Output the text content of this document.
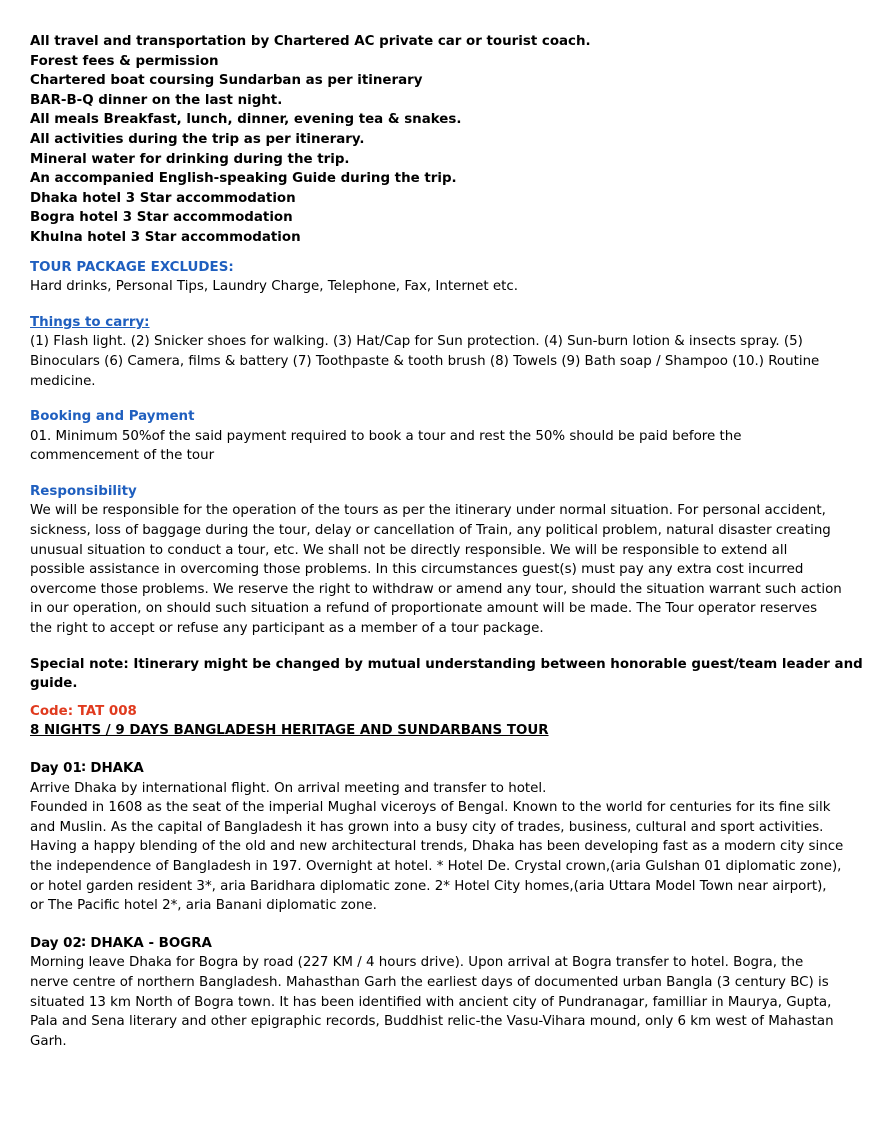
All travel and transportation by Chartered AC private car or tourist coach.
Forest fees & permission
Chartered boat coursing Sundarban as per itinerary
BAR-B-Q dinner on the last night.
All meals Breakfast, lunch, dinner, evening tea & snakes.
All activities during the trip as per itinerary.
Mineral water for drinking during the trip.
An accompanied English-speaking Guide during the trip.
Dhaka hotel 3 Star accommodation
Bogra hotel 3 Star accommodation
Khulna hotel 3 Star accommodation
TOUR PACKAGE EXCLUDES:
Hard drinks, Personal Tips, Laundry Charge, Telephone, Fax, Internet etc.
Things to carry:
(1) Flash light. (2) Snicker shoes for walking. (3) Hat/Cap for Sun protection. (4) Sun-burn lotion & insects spray. (5)
Binoculars (6) Camera, films & battery (7) Toothpaste & tooth brush (8) Towels (9) Bath soap / Shampoo (10.) Routine
medicine.
Booking and Payment
01. Minimum 50%of the said payment required to book a tour and rest the 50% should be paid before the
commencement of the tour
Responsibility
We will be responsible for the operation of the tours as per the itinerary under normal situation. For personal accident,
sickness, loss of baggage during the tour, delay or cancellation of Train, any political problem, natural disaster creating
unusual situation to conduct a tour, etc. We shall not be directly responsible. We will be responsible to extend all
possible assistance in overcoming those problems. In this circumstances guest(s) must pay any extra cost incurred
overcome those problems. We reserve the right to withdraw or amend any tour, should the situation warrant such action
in our operation, on should such situation a refund of proportionate amount will be made. The Tour operator reserves
the right to accept or refuse any participant as a member of a tour package.
Special note: Itinerary might be changed by mutual understanding between honorable guest/team leader and
guide.
Code: TAT 008
8 NIGHTS / 9 DAYS BANGLADESH HERITAGE AND SUNDARBANS TOUR
Day 01∶ DHAKA
Arrive Dhaka by international flight. On arrival meeting and transfer to hotel.
Founded in 1608 as the seat of the imperial Mughal viceroys of Bengal. Known to the world for centuries for its fine silk
and Muslin. As the capital of Bangladesh it has grown into a busy city of trades, business, cultural and sport activities.
Having a happy blending of the old and new architectural trends, Dhaka has been developing fast as a modern city since
the independence of Bangladesh in 197. Overnight at hotel. * Hotel De. Crystal crown,(aria Gulshan 01 diplomatic zone),
or hotel garden resident 3*, aria Baridhara diplomatic zone. 2* Hotel City homes,(aria Uttara Model Town near airport),
or The Pacific hotel 2*, aria Banani diplomatic zone.
Day 02∶ DHAKA - BOGRA
Morning leave Dhaka for Bogra by road (227 KM / 4 hours drive). Upon arrival at Bogra transfer to hotel. Bogra, the
nerve centre of northern Bangladesh. Mahasthan Garh the earliest days of documented urban Bangla (3 century BC) is
situated 13 km North of Bogra town. It has been identified with ancient city of Pundranagar, familliar in Maurya, Gupta,
Pala and Sena literary and other epigraphic records, Buddhist relic-the Vasu-Vihara mound, only 6 km west of Mahastan
Garh.
